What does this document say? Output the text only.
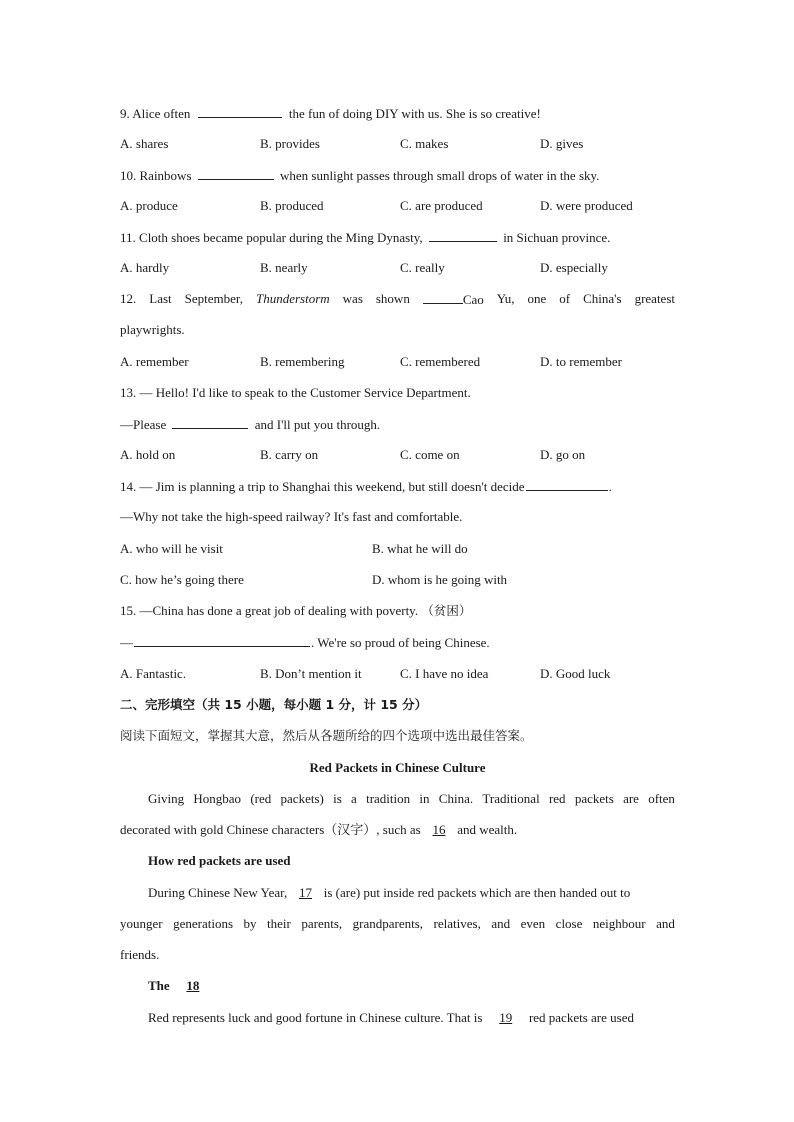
9. Alice often	the fun of doing DIY with us. She is so creative!
A. shares	B. provides	C. makes	D. gives
10. Rainbows	when sunlight passes through small drops of water in the sky.
A. produce	B. produced	C. are produced	D. were produced
11. Cloth shoes became popular during the Ming Dynasty,	in Sichuan province.
A. hardly	B. nearly	C. really	D. especially
12. Last September, Thunderstorm was shown	Cao Yu, one of China's greatest
playwrights.
A. remember	B. remembering	C. remembered	D. to remember
13. — Hello! I'd like to speak to the Customer Service Department.
—Please	and I'll put you through.
A. hold on	B. carry on	C. come on	D. go on
14. — Jim is planning a trip to Shanghai this weekend, but still doesn't decide	.
—Why not take the high-speed railway? It's fast and comfortable.
A. who will he visit	B. what he will do
C. how he’s going there	D. whom is he going with
15. —China has done a great job of dealing with poverty. （贫困）
—	. We're so proud of being Chinese.
A. Fantastic.	B. Don’t mention it	C. I have no idea	D. Good luck
二、完形填空（共 15 小题，每小题 1 分，计 15 分）
阅读下面短文，掌握其大意，然后从各题所给的四个选项中选出最佳答案。
Red Packets in Chinese Culture
Giving Hongbao (red packets) is a tradition in China. Traditional red packets are often
decorated with gold Chinese characters（汉字）, such as 16 and wealth.
How red packets are used
During Chinese New Year, 17 is (are) put inside red packets which are then handed out to
younger generations by their parents, grandparents, relatives, and even close neighbour and
friends.
The 18
Red represents luck and good fortune in Chinese culture. That is 19 red packets are used
